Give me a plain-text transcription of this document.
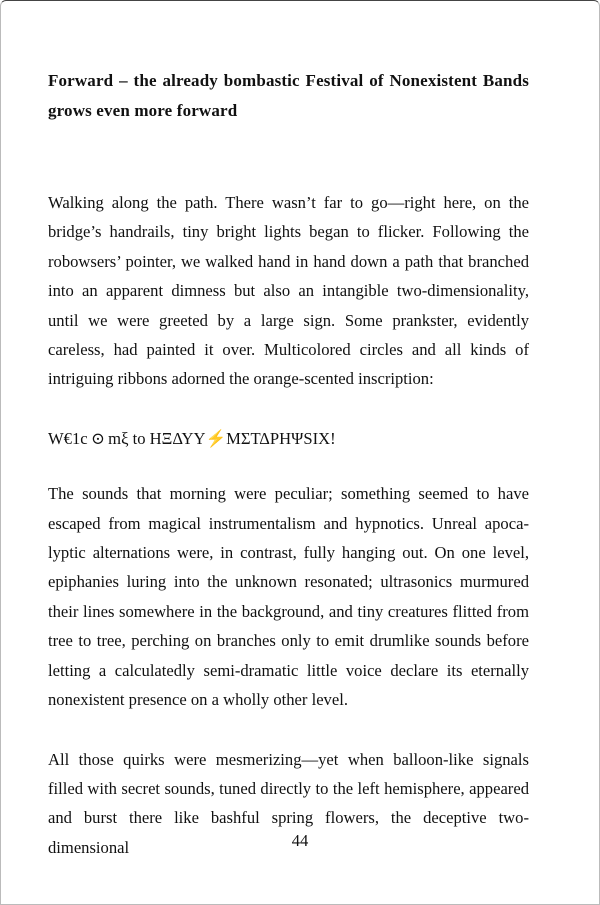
Forward – the already bombastic Festival of Nonexistent Bands grows even more forward

Walking along the path. There wasn’t far to go—right here, on the bridge’s handrails, tiny bright lights began to flicker. Following the robowsers’ pointer, we walked hand in hand down a path that branched into an apparent dimness but also an intangible two-dimensionality, until we were greeted by a large sign. Some prankster, evidently careless, had painted it over. Multicolored circles and all kinds of intriguing ribbons adorned the orange-scented inscription:

W€1c ⊙ mξ to ΗΞΔΥΥ⚡ΜΣΤΔΡΗΨSIX!

The sounds that morning were peculiar; something seemed to have escaped from magical instrumentalism and hypnotics. Unreal apocalyptic alternations were, in contrast, fully hanging out. On one level, epiphanies luring into the unknown resonated; ultrasonics murmured their lines somewhere in the background, and tiny creatures flitted from tree to tree, perching on branches only to emit drumlike sounds before letting a calculatedly semi-dramatic little voice declare its eternally nonexistent presence on a wholly other level.

All those quirks were mesmerizing—yet when balloon-like signals filled with secret sounds, tuned directly to the left hemisphere, appeared and burst there like bashful spring flowers, the deceptive two-dimensional	44
